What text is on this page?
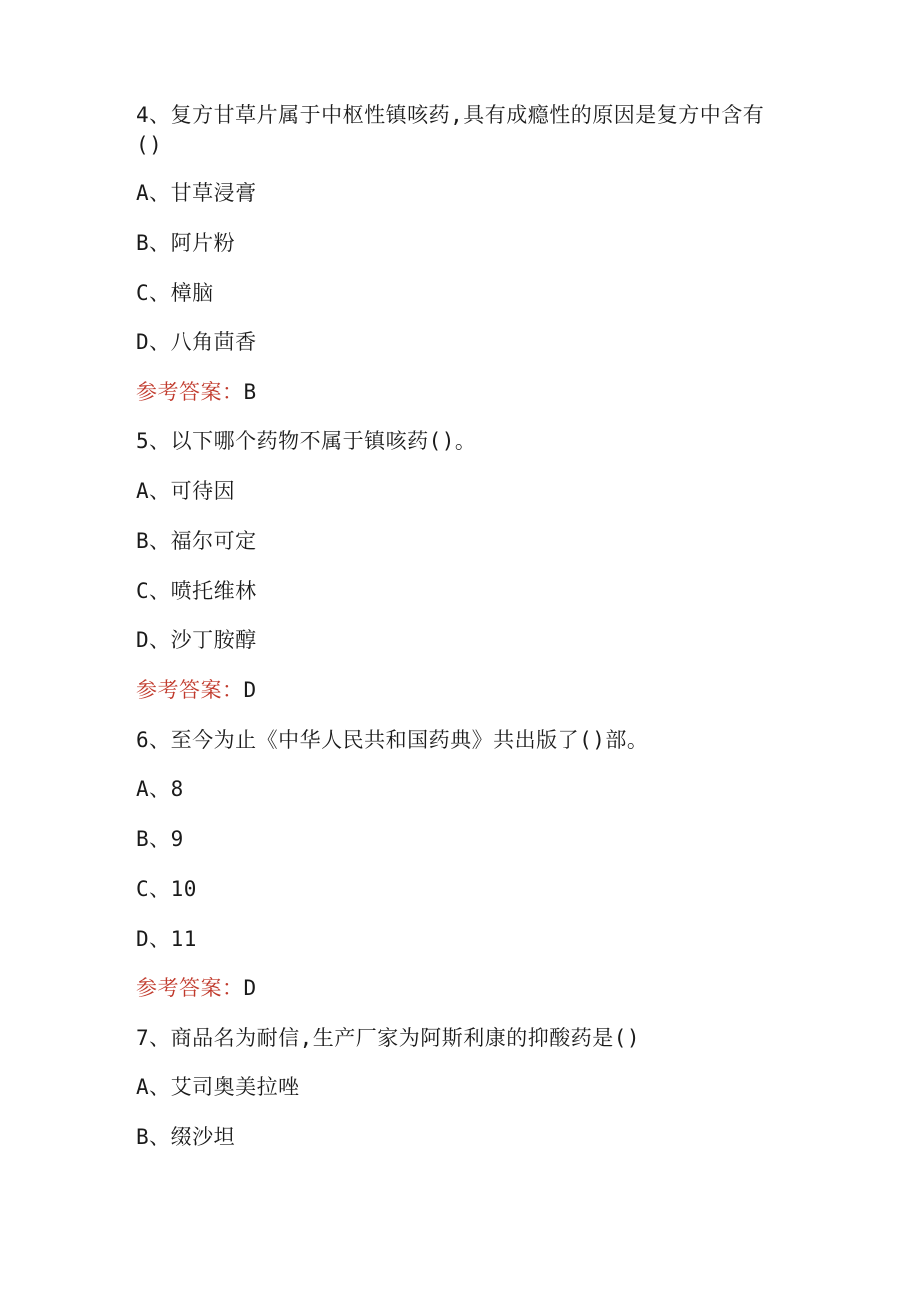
4、复方甘草片属于中枢性镇咳药,具有成瘾性的原因是复方中含有
()
A、甘草浸膏
B、阿片粉
C、樟脑
D、八角茴香
参考答案：B
5、以下哪个药物不属于镇咳药()。
A、可待因
B、福尔可定
C、喷托维林
D、沙丁胺醇
参考答案：D
6、至今为止《中华人民共和国药典》共出版了()部。
A、8
B、9
C、10
D、11
参考答案：D
7、商品名为耐信,生产厂家为阿斯利康的抑酸药是()
A、艾司奥美拉唑
B、缀沙坦
